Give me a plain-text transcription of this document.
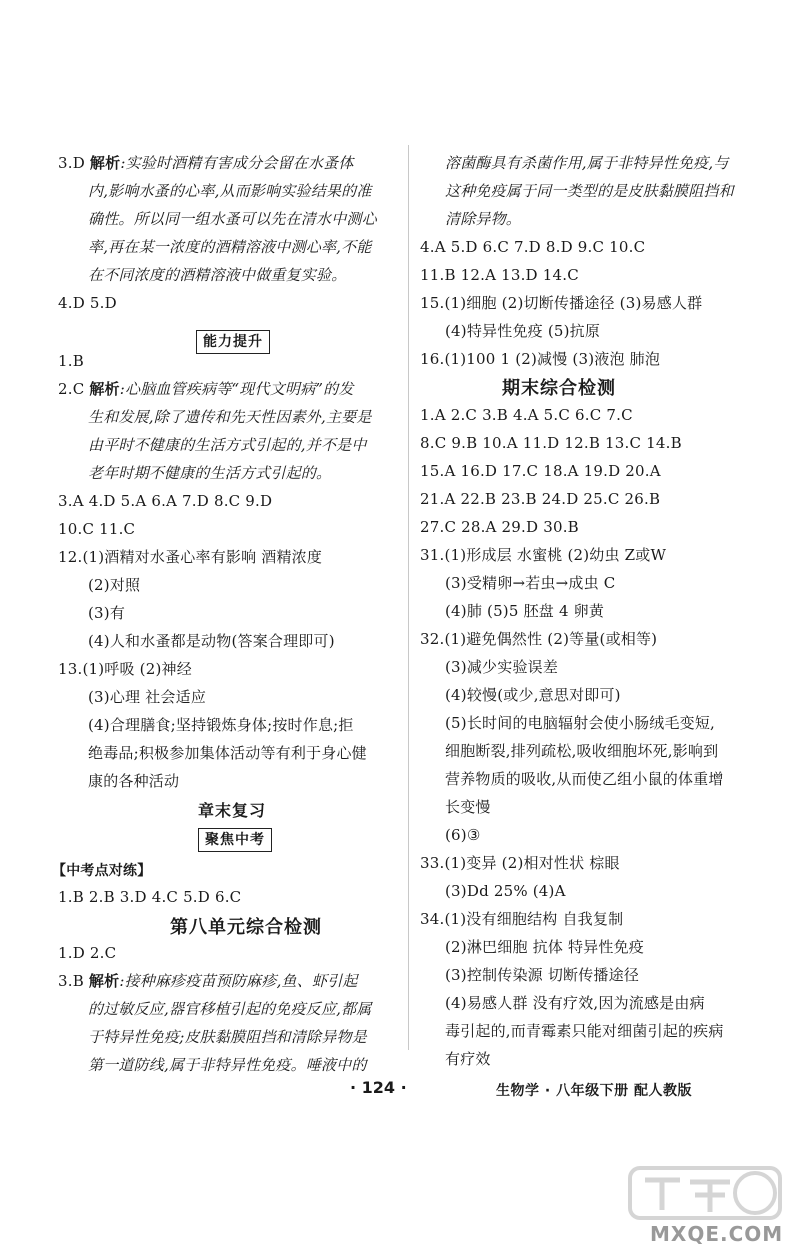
3.D 解析:实验时酒精有害成分会留在水蚤体
内,影响水蚤的心率,从而影响实验结果的准
确性。所以同一组水蚤可以先在清水中测心
率,再在某一浓度的酒精溶液中测心率,不能
在不同浓度的酒精溶液中做重复实验。
4.D 5.D
能力提升
1.B
2.C 解析:心脑血管疾病等“现代文明病”的发
生和发展,除了遗传和先天性因素外,主要是
由平时不健康的生活方式引起的,并不是中
老年时期不健康的生活方式引起的。
3.A 4.D 5.A 6.A 7.D 8.C 9.D
10.C 11.C
12.(1)酒精对水蚤心率有影响 酒精浓度
(2)对照
(3)有
(4)人和水蚤都是动物(答案合理即可)
13.(1)呼吸 (2)神经
(3)心理 社会适应
(4)合理膳食;坚持锻炼身体;按时作息;拒
绝毒品;积极参加集体活动等有利于身心健
康的各种活动
章末复习
聚焦中考
【中考点对练】
1.B 2.B 3.D 4.C 5.D 6.C
第八单元综合检测
1.D 2.C
3.B 解析:接种麻疹疫苗预防麻疹,鱼、虾引起
的过敏反应,器官移植引起的免疫反应,都属
于特异性免疫;皮肤黏膜阻挡和清除异物是
第一道防线,属于非特异性免疫。唾液中的
溶菌酶具有杀菌作用,属于非特异性免疫,与
这种免疫属于同一类型的是皮肤黏膜阻挡和
清除异物。
4.A 5.D 6.C 7.D 8.D 9.C 10.C
11.B 12.A 13.D 14.C
15.(1)细胞 (2)切断传播途径 (3)易感人群
(4)特异性免疫 (5)抗原
16.(1)100 1 (2)减慢 (3)液泡 肺泡
期末综合检测
1.A 2.C 3.B 4.A 5.C 6.C 7.C
8.C 9.B 10.A 11.D 12.B 13.C 14.B
15.A 16.D 17.C 18.A 19.D 20.A
21.A 22.B 23.B 24.D 25.C 26.B
27.C 28.A 29.D 30.B
31.(1)形成层 水蜜桃 (2)幼虫 Z或W
(3)受精卵→若虫→成虫 C
(4)肺 (5)5 胚盘 4 卵黄
32.(1)避免偶然性 (2)等量(或相等)
(3)减少实验误差
(4)较慢(或少,意思对即可)
(5)长时间的电脑辐射会使小肠绒毛变短,
细胞断裂,排列疏松,吸收细胞坏死,影响到
营养物质的吸收,从而使乙组小鼠的体重增
长变慢
(6)③
33.(1)变异 (2)相对性状 棕眼
(3)Dd 25% (4)A
34.(1)没有细胞结构 自我复制
(2)淋巴细胞 抗体 特异性免疫
(3)控制传染源 切断传播途径
(4)易感人群 没有疗效,因为流感是由病
毒引起的,而青霉素只能对细菌引起的疾病
有疗效
· 124 ·	生物学 · 八年级下册 配人教版
MXQE.COM
